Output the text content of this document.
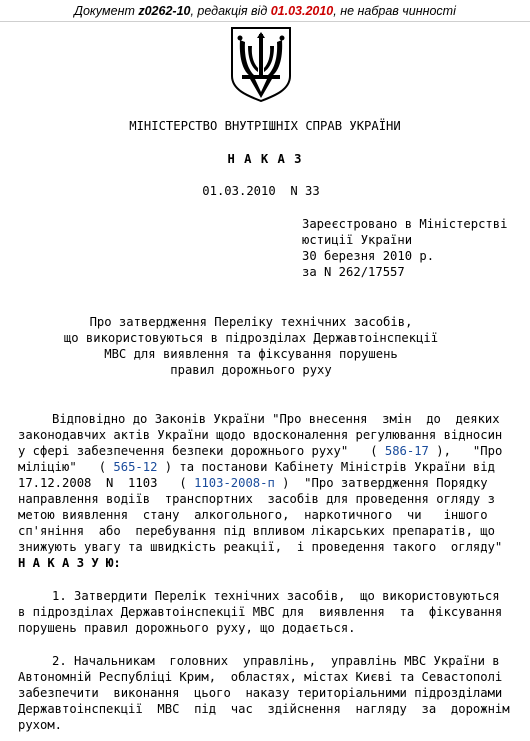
Документ z0262-10, редакція від 01.03.2010, не набрав чинності
МІНІСТЕРСТВО ВНУТРІШНІХ СПРАВ УКРАЇНИ
Н А К А З
01.03.2010  N 33
Зареєстровано в Міністерстві
юстиції України
30 березня 2010 р.
за N 262/17557
Про затвердження Переліку технічних засобів,
що використовуються в підрозділах Державтоінспекції
МВС для виявлення та фіксування порушень
правил дорожнього руху
Відповідно до Законів України "Про внесення  змін  до  деяких
законодавчих актів України щодо вдосконалення регулювання відносин
у сфері забезпечення безпеки дорожнього руху"   ( 586-17 ),   "Про
міліцію"   ( 565-12 ) та постанови Кабінету Міністрів України від
17.12.2008  N  1103   ( 1103-2008-п )  "Про затвердження Порядку
направлення водіїв  транспортних  засобів для проведення огляду з
метою виявлення  стану  алкогольного,  наркотичного  чи   іншого
сп'яніння  або  перебування під впливом лікарських препаратів, що
знижують увагу та швидкість реакції,  і проведення такого  огляду"
Н А К А З У Ю:
1. Затвердити Перелік технічних засобів,  що використовуються
в підрозділах Державтоінспекції МВС для  виявлення  та  фіксування
порушень правил дорожнього руху, що додається.
2. Начальникам  головних  управлінь,  управлінь МВС України в
Автономній Республіці Крим,  областях, містах Києві та Севастополі
забезпечити  виконання  цього  наказу територіальними підрозділами
Державтоінспекції  МВС  під  час  здійснення  нагляду  за  дорожнім
рухом.
